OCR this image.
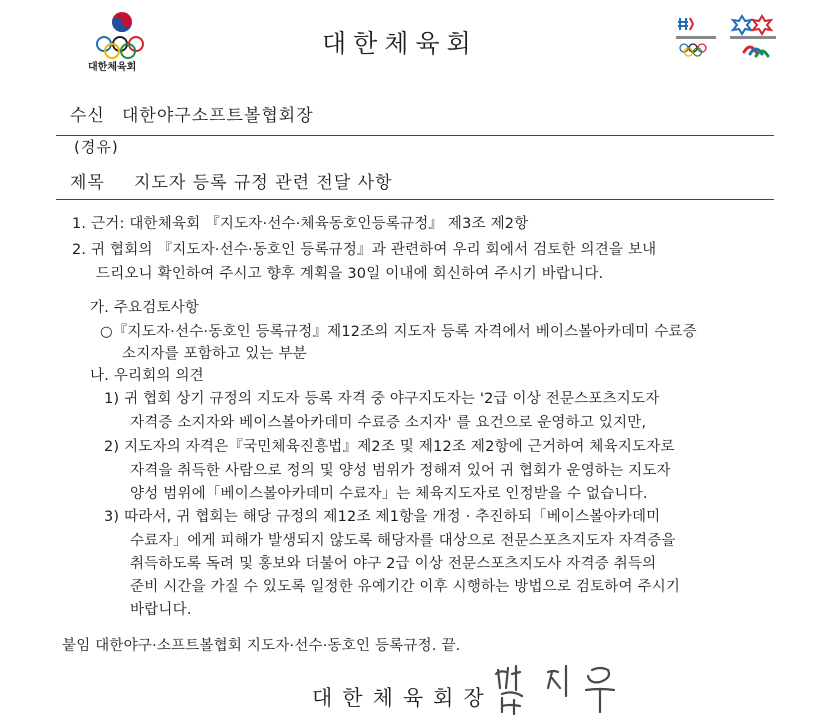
대한체육회
대한체육회
수신 대한야구소프트볼협회장
(경유)
제목 지도자 등록 규정 관련 전달 사항
1. 근거: 대한체육회 『지도자·선수·체육동호인등록규정』 제3조 제2항
2. 귀 협회의 『지도자·선수·동호인 등록규정』과 관련하여 우리 회에서 검토한 의견을 보내
드리오니 확인하여 주시고 향후 계획을 30일 이내에 회신하여 주시기 바랍니다.
가. 주요검토사항
○『지도자·선수·동호인 등록규정』제12조의 지도자 등록 자격에서 베이스볼아카데미 수료증
소지자를 포함하고 있는 부분
나. 우리회의 의견
1) 귀 협회 상기 규정의 지도자 등록 자격 중 야구지도자는 '2급 이상 전문스포츠지도자
자격증 소지자와 베이스볼아카데미 수료증 소지자' 를 요건으로 운영하고 있지만,
2) 지도자의 자격은『국민체육진흥법』제2조 및 제12조 제2항에 근거하여 체육지도자로
자격을 취득한 사람으로 정의 및 양성 범위가 정해져 있어 귀 협회가 운영하는 지도자
양성 범위에「베이스볼아카데미 수료자」는 체육지도자로 인정받을 수 없습니다.
3) 따라서, 귀 협회는 해당 규정의 제12조 제1항을 개정 · 추진하되「베이스볼아카데미
수료자」에게 피해가 발생되지 않도록 해당자를 대상으로 전문스포츠지도자 자격증을
취득하도록 독려 및 홍보와 더불어 야구 2급 이상 전문스포츠지도사 자격증 취득의
준비 시간을 가질 수 있도록 일정한 유예기간 이후 시행하는 방법으로 검토하여 주시기
바랍니다.
붙임 대한야구·소프트볼협회 지도자·선수·동호인 등록규정. 끝.
대한체육회장
